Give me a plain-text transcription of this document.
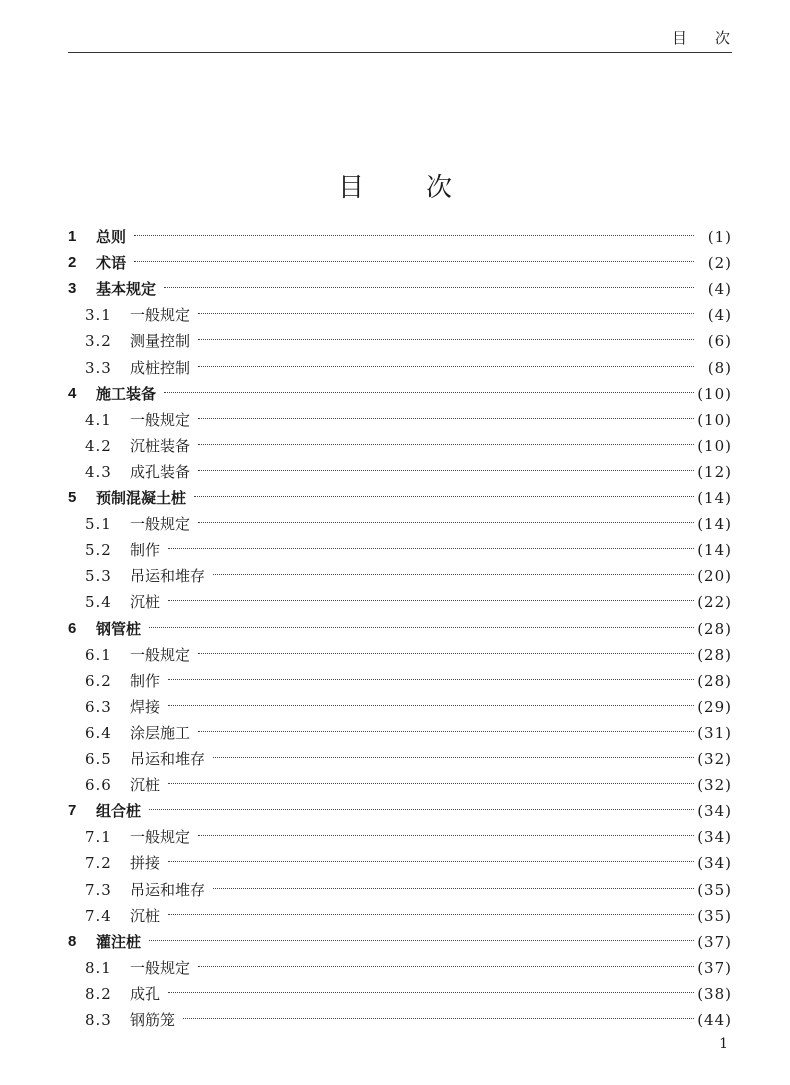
目次
目次
1 总则	(1)
2 术语	(2)
3 基本规定	(4)
3.1 一般规定	(4)
3.2 测量控制	(6)
3.3 成桩控制	(8)
4 施工装备	(10)
4.1 一般规定	(10)
4.2 沉桩装备	(10)
4.3 成孔装备	(12)
5 预制混凝土桩	(14)
5.1 一般规定	(14)
5.2 制作	(14)
5.3 吊运和堆存	(20)
5.4 沉桩	(22)
6 钢管桩	(28)
6.1 一般规定	(28)
6.2 制作	(28)
6.3 焊接	(29)
6.4 涂层施工	(31)
6.5 吊运和堆存	(32)
6.6 沉桩	(32)
7 组合桩	(34)
7.1 一般规定	(34)
7.2 拼接	(34)
7.3 吊运和堆存	(35)
7.4 沉桩	(35)
8 灌注桩	(37)
8.1 一般规定	(37)
8.2 成孔	(38)
8.3 钢筋笼	(44)
1
